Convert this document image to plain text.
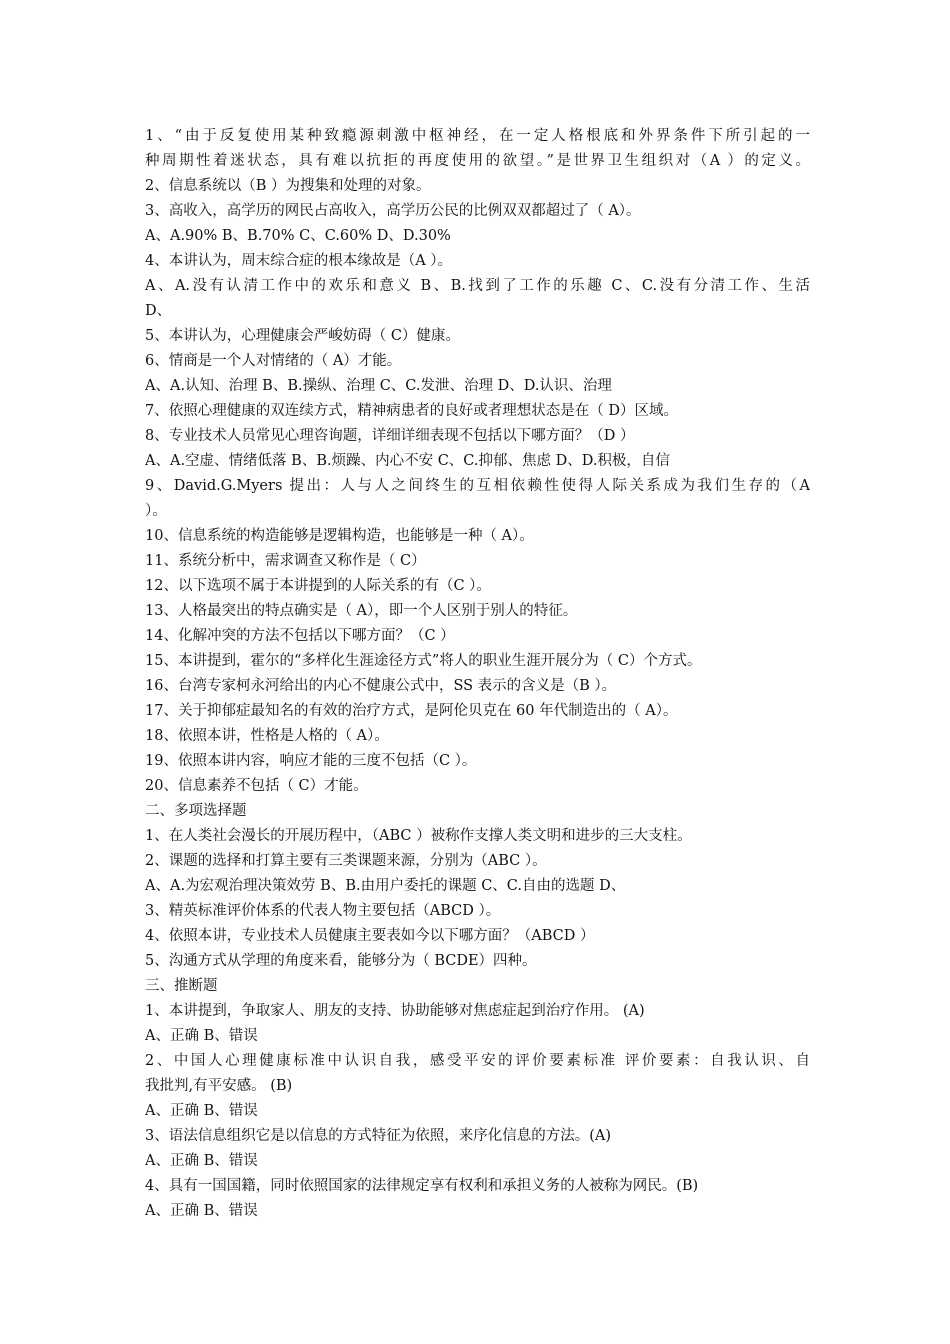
1、“由于反复使用某种致瘾源刺激中枢神经，在一定人格根底和外界条件下所引起的一
种周期性着迷状态，具有难以抗拒的再度使用的欲望。”是世界卫生组织对（A ）的定义。
2、信息系统以（B ）为搜集和处理的对象。
3、高收入，高学历的网民占高收入，高学历公民的比例双双都超过了（ A）。
A、A.90% B、B.70% C、C.60% D、D.30%
4、本讲认为，周末综合症的根本缘故是（A ）。
A、A.没有认清工作中的欢乐和意义 B、B.找到了工作的乐趣 C、C.没有分清工作、生活
D、
5、本讲认为，心理健康会严峻妨碍（ C）健康。
6、情商是一个人对情绪的（ A）才能。
A、A.认知、治理 B、B.操纵、治理 C、C.发泄、治理 D、D.认识、治理
7、依照心理健康的双连续方式，精神病患者的良好或者理想状态是在（ D）区域。
8、专业技术人员常见心理咨询题，详细详细表现不包括以下哪方面？（D ）
A、A.空虚、情绪低落 B、B.烦躁、内心不安 C、C.抑郁、焦虑 D、D.积极，自信
9、David.G.Myers 提出：人与人之间终生的互相依赖性使得人际关系成为我们生存的（A
）。
10、信息系统的构造能够是逻辑构造，也能够是一种（ A）。
11、系统分析中，需求调查又称作是（ C）
12、以下选项不属于本讲提到的人际关系的有（C ）。
13、人格最突出的特点确实是（ A），即一个人区别于别人的特征。
14、化解冲突的方法不包括以下哪方面？（C ）
15、本讲提到，霍尔的“多样化生涯途径方式”将人的职业生涯开展分为（ C）个方式。
16、台湾专家柯永河给出的内心不健康公式中，SS 表示的含义是（B ）。
17、关于抑郁症最知名的有效的治疗方式，是阿伦贝克在 60 年代制造出的（ A）。
18、依照本讲，性格是人格的（ A）。
19、依照本讲内容，响应才能的三度不包括（C ）。
20、信息素养不包括（ C）才能。
二、多项选择题
1、在人类社会漫长的开展历程中，（ABC ）被称作支撑人类文明和进步的三大支柱。
2、课题的选择和打算主要有三类课题来源，分别为（ABC ）。
A、A.为宏观治理决策效劳 B、B.由用户委托的课题 C、C.自由的选题 D、
3、精英标准评价体系的代表人物主要包括（ABCD ）。
4、依照本讲，专业技术人员健康主要表如今以下哪方面？（ABCD ）
5、沟通方式从学理的角度来看，能够分为（ BCDE）四种。
三、推断题
1、本讲提到，争取家人、朋友的支持、协助能够对焦虑症起到治疗作用。 (A)
A、正确 B、错误
2、中国人心理健康标准中认识自我，感受平安的评价要素标准 评价要素：自我认识、自
我批判,有平安感。 (B)
A、正确 B、错误
3、语法信息组织它是以信息的方式特征为依照，来序化信息的方法。(A)
A、正确 B、错误
4、具有一国国籍，同时依照国家的法律规定享有权利和承担义务的人被称为网民。(B)
A、正确 B、错误
